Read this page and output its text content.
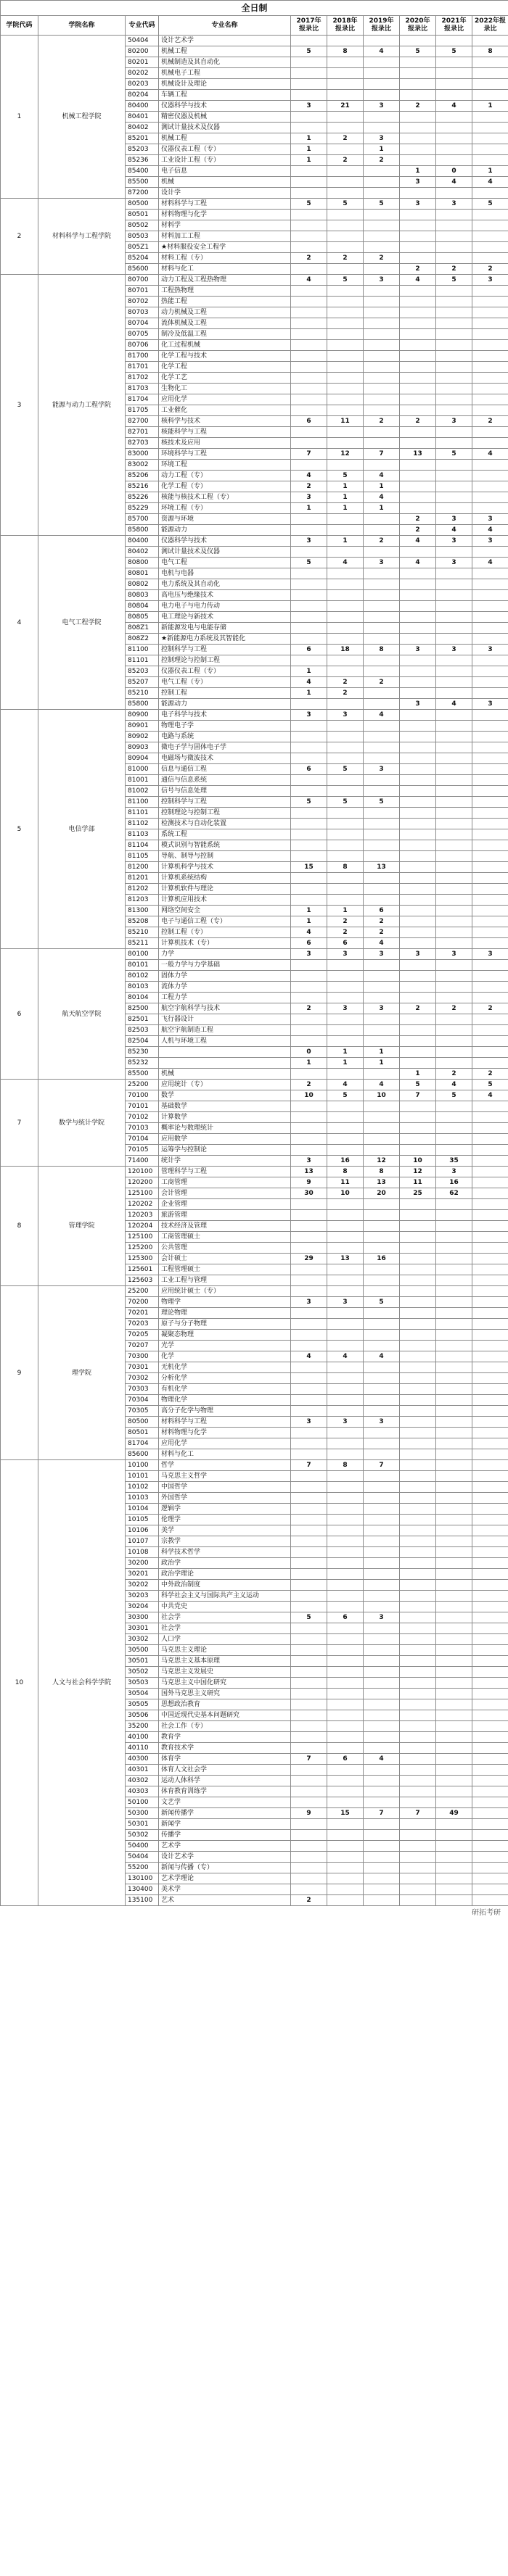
全日制									
学院代码	学院名称	专业代码	专业名称	2017年报录比	2018年报录比	2019年报录比	2020年报录比	2021年报录比	2022年报录比
1	机械工程学院	50404	设计艺术学						
		80200	机械工程	5	8	4	5	5	8
		80201	机械制造及其自动化						
		80202	机械电子工程						
		80203	机械设计及理论						
		80204	车辆工程						
		80400	仪器科学与技术	3	21	3	2	4	1
		80401	精密仪器及机械						
		80402	测试计量技术及仪器						
		85201	机械工程	1	2	3			
		85203	仪器仪表工程（专）	1		1			
		85236	工业设计工程（专）	1	2	2			
		85400	电子信息				1	0	1
		85500	机械				3	4	4
		87200	设计学						
2	材料科学与工程学院	80500	材料科学与工程	5	5	5	3	3	5
		80501	材料物理与化学						
		80502	材料学						
		80503	材料加工工程						
		805Z1	★材料服役安全工程学						
		85204	材料工程（专）	2	2	2			
		85600	材料与化工				2	2	2
3	能源与动力工程学院	80700	动力工程及工程热物理	4	5	3	4	5	3
		80701	工程热物理						
		80702	热能工程						
		80703	动力机械及工程						
		80704	流体机械及工程						
		80705	制冷及低温工程						
		80706	化工过程机械						
		81700	化学工程与技术						
		81701	化学工程						
		81702	化学工艺						
		81703	生物化工						
		81704	应用化学						
		81705	工业催化						
		82700	核科学与技术	6	11	2	2	3	2
		82701	核能科学与工程						
		82703	核技术及应用						
		83000	环境科学与工程	7	12	7	13	5	4
		83002	环境工程						
		85206	动力工程（专）	4	5	4			
		85216	化学工程（专）	2	1	1			
		85226	核能与核技术工程（专）	3	1	4			
		85229	环境工程（专）	1	1	1			
		85700	资源与环境				2	3	3
		85800	能源动力				2	4	4
4	电气工程学院	80400	仪器科学与技术	3	1	2	4	3	3
		80402	测试计量技术及仪器						
		80800	电气工程	5	4	3	4	3	4
		80801	电机与电器						
		80802	电力系统及其自动化						
		80803	高电压与绝缘技术						
		80804	电力电子与电力传动						
		80805	电工理论与新技术						
		808Z1	新能源发电与电能存储						
		808Z2	★新能源电力系统及其智能化						
		81100	控制科学与工程	6	18	8	3	3	3
		81101	控制理论与控制工程						
		85203	仪器仪表工程（专）	1					
		85207	电气工程（专）	4	2	2			
		85210	控制工程	1	2				
		85800	能源动力				3	4	3
5	电信学部	80900	电子科学与技术	3	3	4			
		80901	物理电子学						
		80902	电路与系统						
		80903	微电子学与固体电子学						
		80904	电磁场与微波技术						
		81000	信息与通信工程	6	5	3			
		81001	通信与信息系统						
		81002	信号与信息处理						
		81100	控制科学与工程	5	5	5			
		81101	控制理论与控制工程						
		81102	检测技术与自动化装置						
		81103	系统工程						
		81104	模式识别与智能系统						
		81105	导航、制导与控制						
		81200	计算机科学与技术	15	8	13			
		81201	计算机系统结构						
		81202	计算机软件与理论						
		81203	计算机应用技术						
		81300	网络空间安全	1	1	6			
		85208	电子与通信工程（专）	1	2	2			
		85210	控制工程（专）	4	2	2			
		85211	计算机技术（专）	6	6	4			
6	航天航空学院	80100	力学	3	3	3	3	3	3
		80101	一般力学与力学基础						
		80102	固体力学						
		80103	流体力学						
		80104	工程力学						
		82500	航空宇航科学与技术	2	3	3	2	2	2
		82501	飞行器设计						
		82503	航空宇航制造工程						
		82504	人机与环境工程						
		85230		0	1	1			
		85232		1	1	1			
		85500	机械				1	2	2
7	数学与统计学院	25200	应用统计（专）	2	4	4	5	4	5
		70100	数学	10	5	10	7	5	4
		70101	基础数学						
		70102	计算数学						
		70103	概率论与数理统计						
		70104	应用数学						
		70105	运筹学与控制论						
		71400	统计学	3	16	12	10	35	
8	管理学院	120100	管理科学与工程	13	8	8	12	3	
		120200	工商管理	9	11	13	11	16	
		125100	会计管理	30	10	20	25	62	
		120202	企业管理						
		120203	旅游管理						
		120204	技术经济及管理						
		125100	工商管理硕士						
		125200	公共管理						
		125300	会计硕士	29	13	16			
		125601	工程管理硕士						
		125603	工业工程与管理						
9	理学院	25200	应用统计硕士（专）						
		70200	物理学	3	3	5			
		70201	理论物理						
		70203	原子与分子物理						
		70205	凝聚态物理						
		70207	光学						
		70300	化学	4	4	4			
		70301	无机化学						
		70302	分析化学						
		70303	有机化学						
		70304	物理化学						
		70305	高分子化学与物理						
		80500	材料科学与工程	3	3	3			
		80501	材料物理与化学						
		81704	应用化学						
		85600	材料与化工						
10	人文与社会科学学院	10100	哲学	7	8	7			
		10101	马克思主义哲学						
		10102	中国哲学						
		10103	外国哲学						
		10104	逻辑学						
		10105	伦理学						
		10106	美学						
		10107	宗教学						
		10108	科学技术哲学						
		30200	政治学						
		30201	政治学理论						
		30202	中外政治制度						
		30203	科学社会主义与国际共产主义运动						
		30204	中共党史						
		30300	社会学	5	6	3			
		30301	社会学						
		30302	人口学						
		30500	马克思主义理论						
		30501	马克思主义基本原理						
		30502	马克思主义发展史						
		30503	马克思主义中国化研究						
		30504	国外马克思主义研究						
		30505	思想政治教育						
		30506	中国近现代史基本问题研究						
		35200	社会工作（专）						
		40100	教育学						
		40110	教育技术学						
		40300	体育学	7	6	4			
		40301	体育人文社会学						
		40302	运动人体科学						
		40303	体育教育训练学						
		50100	文艺学						
		50300	新闻传播学	9	15	7	7	49	
		50301	新闻学						
		50302	传播学						
		50400	艺术学						
		50404	设计艺术学						
		55200	新闻与传播（专）						
		130100	艺术学理论						
		130400	美术学						
		135100	艺术	2					
研拓考研
